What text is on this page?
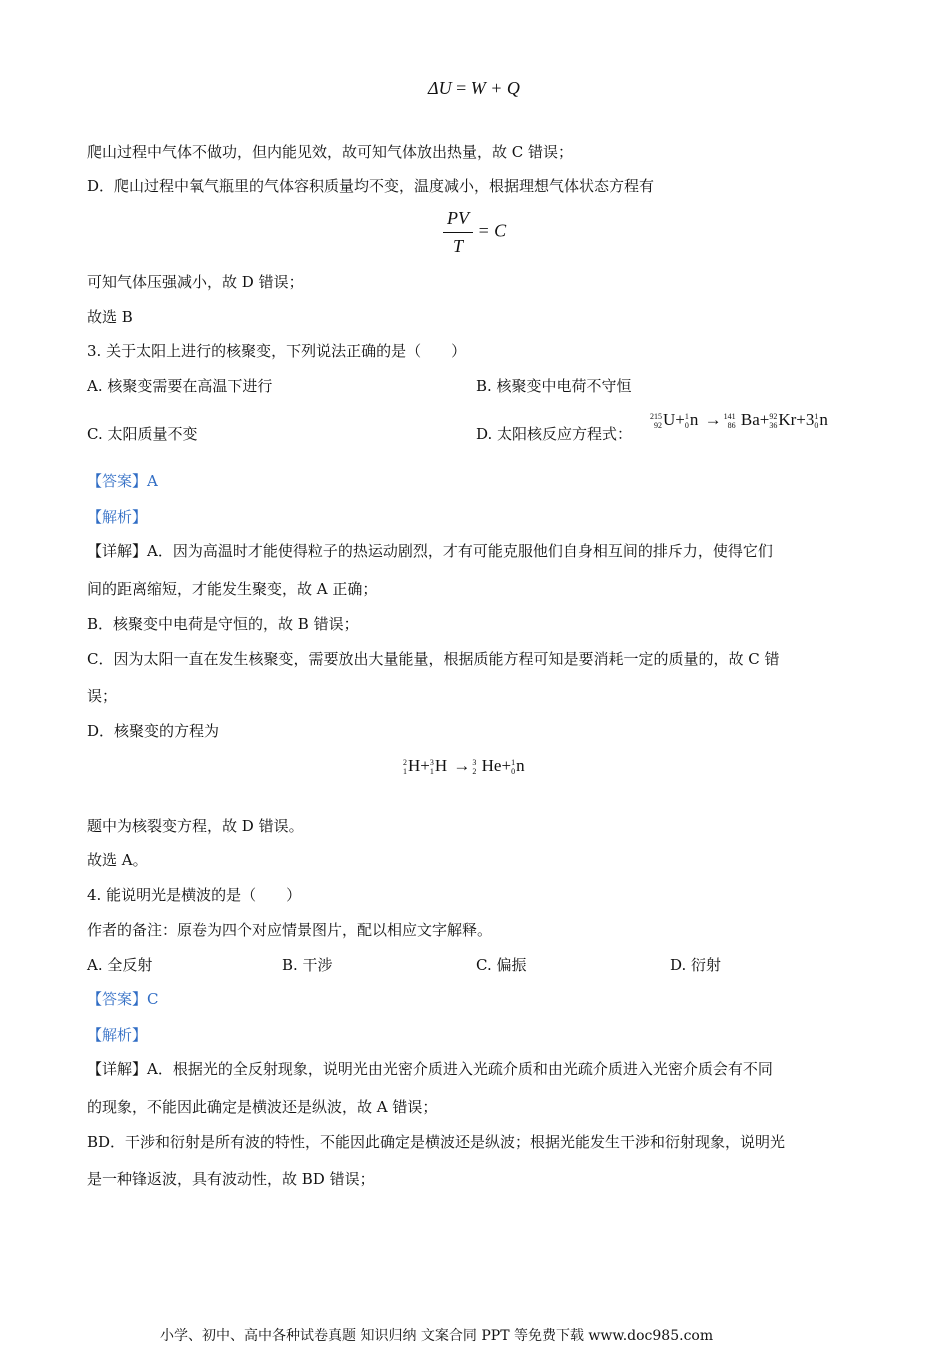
ΔU = W + Q
爬山过程中气体不做功，但内能见效，故可知气体放出热量，故 C 错误；
D．爬山过程中氧气瓶里的气体容积质量均不变，温度减小，根据理想气体状态方程有
$\frac{PV}{T} = C$
可知气体压强减小，故 D 错误；
故选 B
3. 关于太阳上进行的核聚变，下列说法正确的是（　　）
A. 核聚变需要在高温下进行	B. 核聚变中电荷不守恒
C. 太阳质量不变	D. 太阳核反应方程式：
215
92 U+ 1
0 n → 141
86 Ba+ 92
36 Kr+3 1
0 n
【答案】A
【解析】
【详解】A．因为高温时才能使得粒子的热运动剧烈，才有可能克服他们自身相互间的排斥力，使得它们
间的距离缩短，才能发生聚变，故 A 正确；
B．核聚变中电荷是守恒的，故 B 错误；
C．因为太阳一直在发生核聚变，需要放出大量能量，根据质能方程可知是要消耗一定的质量的，故 C 错
误；
D．核聚变的方程为
2
1 H+ 3
1 H → 3
2 He+ 1
0 n
题中为核裂变方程，故 D 错误。
故选 A。
4. 能说明光是横波的是（　　）
作者的备注：原卷为四个对应情景图片，配以相应文字解释。
A. 全反射	B. 干涉	C. 偏振	D. 衍射
【答案】C
【解析】
【详解】A．根据光的全反射现象，说明光由光密介质进入光疏介质和由光疏介质进入光密介质会有不同
的现象，不能因此确定是横波还是纵波，故 A 错误；
BD．干涉和衍射是所有波的特性，不能因此确定是横波还是纵波；根据光能发生干涉和衍射现象，说明光
是一种锋返波，具有波动性，故 BD 错误；
小学、初中、高中各种试卷真题 知识归纳 文案合同 PPT 等免费下载 www.doc985.com
